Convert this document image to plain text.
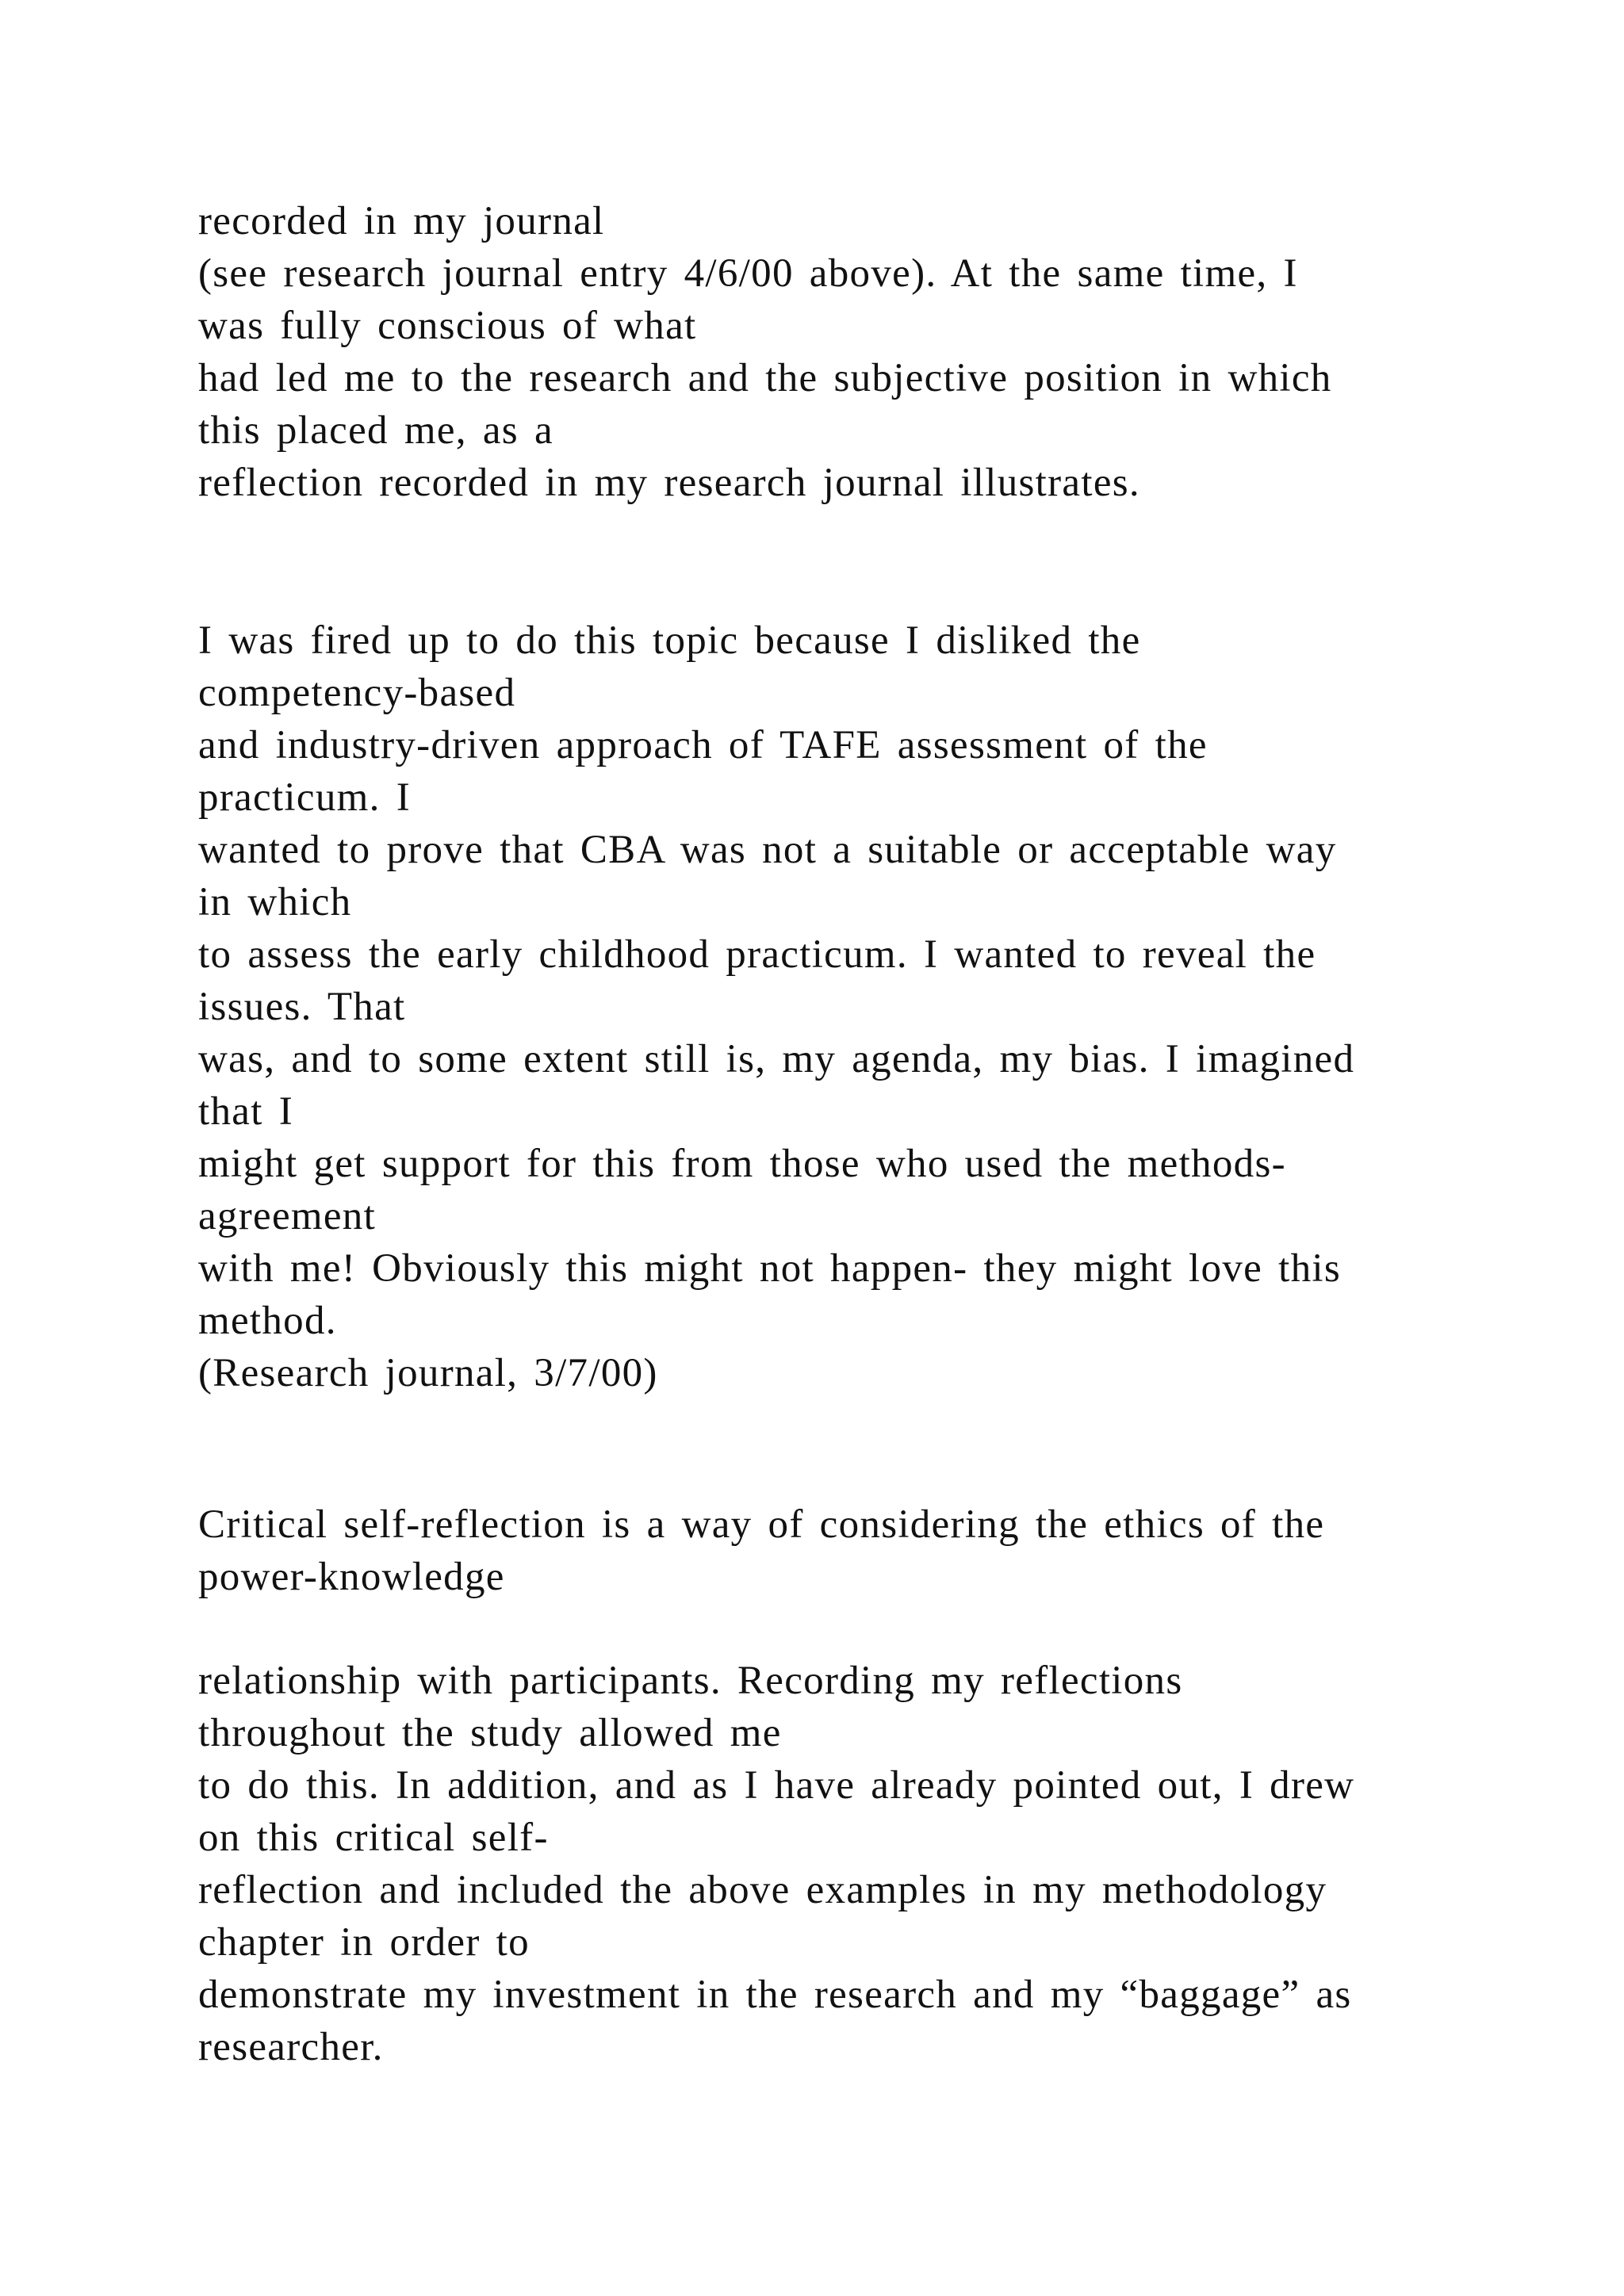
recorded in my journal
(see research journal entry 4/6/00 above). At the same time, I
was fully conscious of what
had led me to the research and the subjective position in which
this placed me, as a
reflection recorded in my research journal illustrates.

I was fired up to do this topic because I disliked the
competency-based
and industry-driven approach of TAFE assessment of the
practicum. I
wanted to prove that CBA was not a suitable or acceptable way
in which
to assess the early childhood practicum. I wanted to reveal the
issues. That
was, and to some extent still is, my agenda, my bias. I imagined
that I
might get support for this from those who used the methods-
agreement
with me! Obviously this might not happen- they might love this
method.
(Research journal, 3/7/00)

Critical self-reflection is a way of considering the ethics of the
power-knowledge

relationship with participants. Recording my reflections
throughout the study allowed me
to do this. In addition, and as I have already pointed out, I drew
on this critical self-
reflection and included the above examples in my methodology
chapter in order to
demonstrate my investment in the research and my “baggage” as
researcher.
